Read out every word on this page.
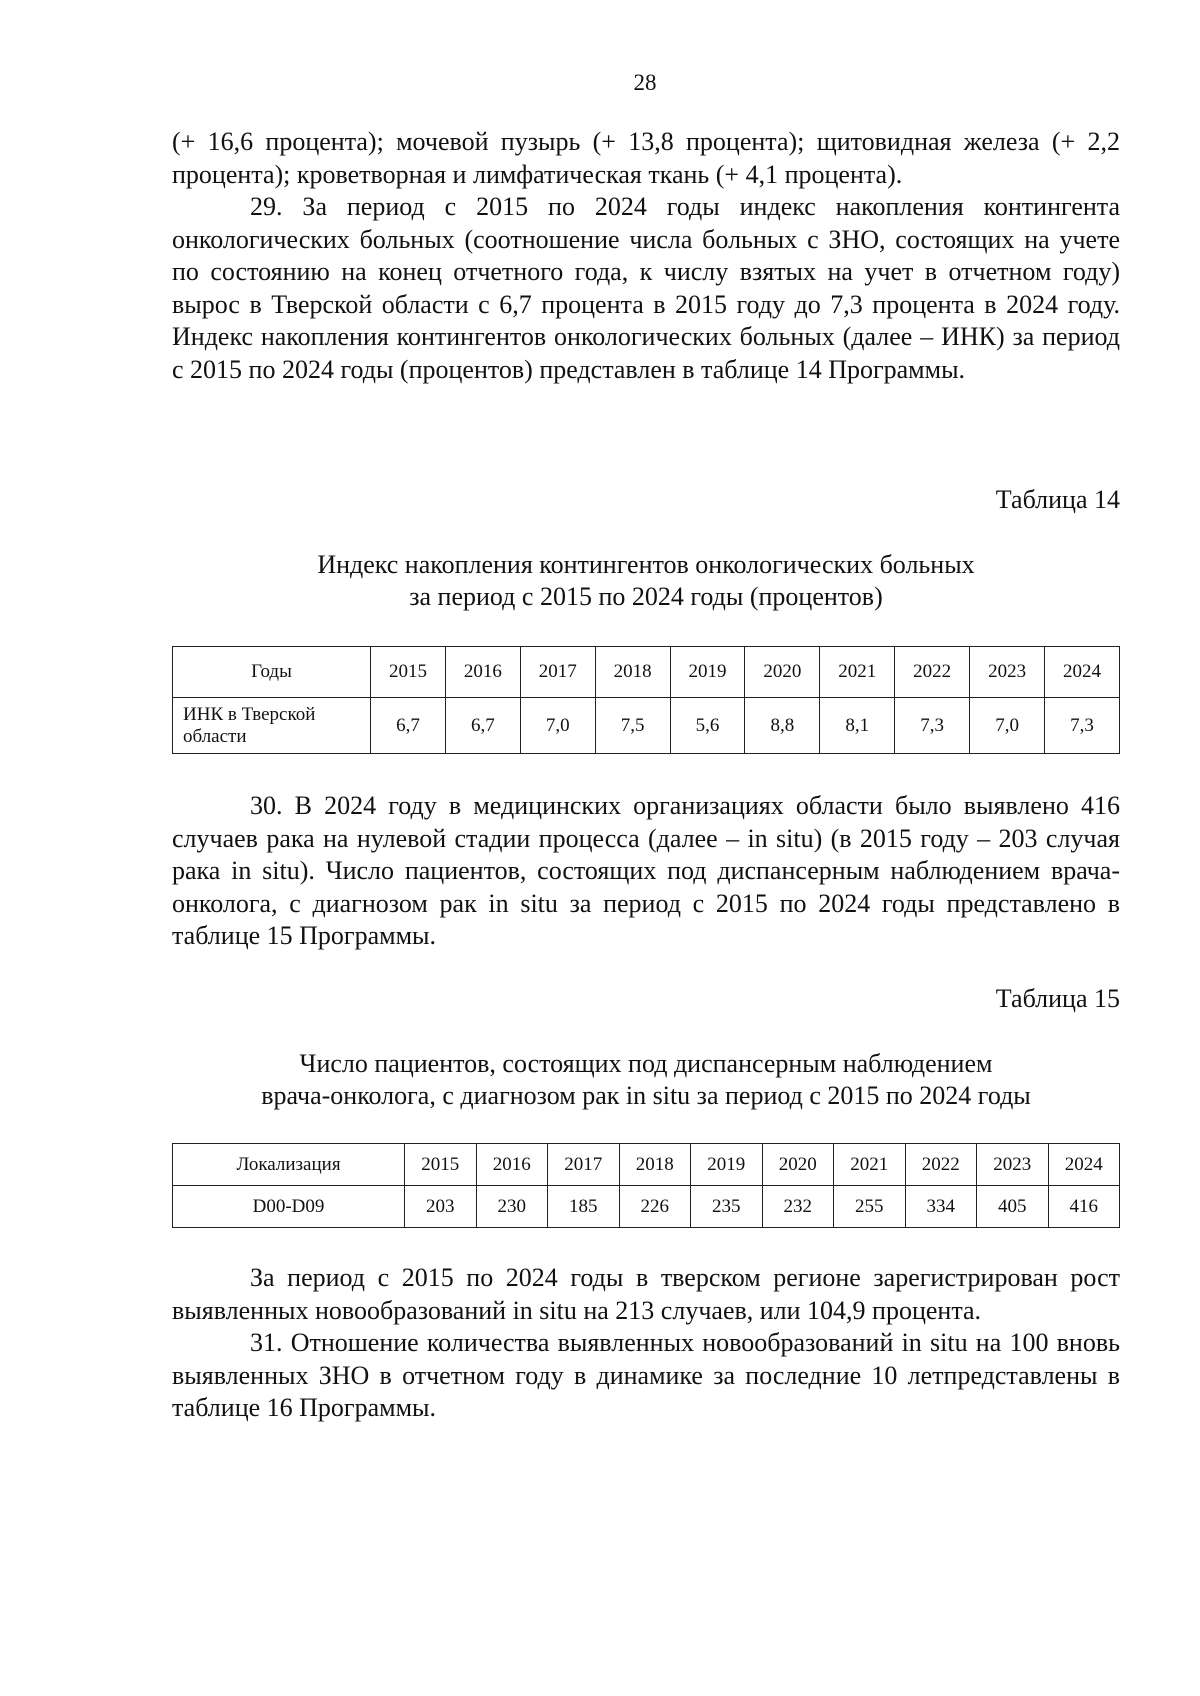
28

(+ 16,6 процента); мочевой пузырь (+ 13,8 процента); щитовидная железа (+ 2,2 процента); кроветворная и лимфатическая ткань (+ 4,1 процента).

29. За период с 2015 по 2024 годы индекс накопления контингента онкологических больных (соотношение числа больных с ЗНО, состоящих на учете по состоянию на конец отчетного года, к числу взятых на учет в отчетном году) вырос в Тверской области с 6,7 процента в 2015 году до 7,3 процента в 2024 году. Индекс накопления контингентов онкологических больных (далее – ИНК) за период с 2015 по 2024 годы (процентов) представлен в таблице 14 Программы.

Таблица 14

Индекс накопления контингентов онкологических больных
за период с 2015 по 2024 годы (процентов)

Годы	2015	2016	2017	2018	2019	2020	2021	2022	2023	2024
ИНК в Тверской области	6,7	6,7	7,0	7,5	5,6	8,8	8,1	7,3	7,0	7,3

30. В 2024 году в медицинских организациях области было выявлено 416 случаев рака на нулевой стадии процесса (далее – in situ) (в 2015 году – 203 случая рака in situ). Число пациентов, состоящих под диспансерным наблюдением врача-онколога, с диагнозом рак in situ за период с 2015 по 2024 годы представлено в таблице 15 Программы.

Таблица 15

Число пациентов, состоящих под диспансерным наблюдением
врача-онколога, с диагнозом рак in situ за период с 2015 по 2024 годы

Локализация	2015	2016	2017	2018	2019	2020	2021	2022	2023	2024
D00-D09	203	230	185	226	235	232	255	334	405	416

За период с 2015 по 2024 годы в тверском регионе зарегистрирован рост выявленных новообразований in situ на 213 случаев, или 104,9 процента.

31. Отношение количества выявленных новообразований in situ на 100 вновь выявленных ЗНО в отчетном году в динамике за последние 10 летпредставлены в таблице 16 Программы.
